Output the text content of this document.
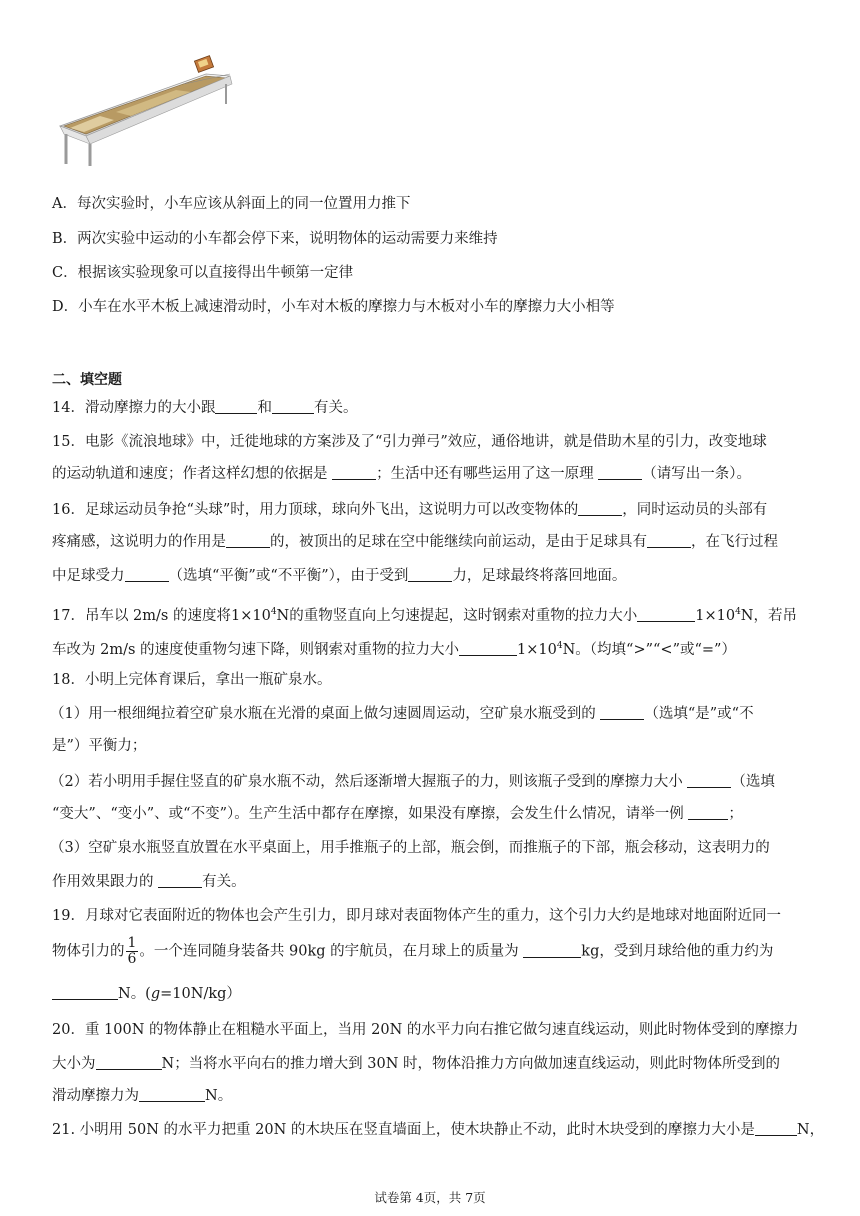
A．每次实验时，小车应该从斜面上的同一位置用力推下
B．两次实验中运动的小车都会停下来，说明物体的运动需要力来维持
C．根据该实验现象可以直接得出牛顿第一定律
D．小车在水平木板上减速滑动时，小车对木板的摩擦力与木板对小车的摩擦力大小相等
二、填空题
14．滑动摩擦力的大小跟	和	有关。
15．电影《流浪地球》中，迁徙地球的方案涉及了“引力弹弓”效应，通俗地讲，就是借助木星的引力，改变地球
的运动轨道和速度；作者这样幻想的依据是	；生活中还有哪些运用了这一原理	（请写出一条）。
16．足球运动员争抢“头球”时，用力顶球，球向外飞出，这说明力可以改变物体的	，同时运动员的头部有
疼痛感，这说明力的作用是	的，被顶出的足球在空中能继续向前运动，是由于足球具有	，在飞行过程
中足球受力	（选填“平衡”或“不平衡”），由于受到	力，足球最终将落回地面。
17．吊车以 2m/s 的速度将$1\times 10^4N$的重物竖直向上匀速提起，这时钢索对重物的拉力大小	$1\times 10^4N$，若吊
车改为 2m/s 的速度使重物匀速下降，则钢索对重物的拉力大小	$1\times 10^4N$。（均填“>”“<”或“=”）
18．小明上完体育课后，拿出一瓶矿泉水。
（1）用一根细绳拉着空矿泉水瓶在光滑的桌面上做匀速圆周运动，空矿泉水瓶受到的	（选填“是”或“不
是”）平衡力；
（2）若小明用手握住竖直的矿泉水瓶不动，然后逐渐增大握瓶子的力，则该瓶子受到的摩擦力大小	（选填
“变大”、“变小”、或“不变”）。生产生活中都存在摩擦，如果没有摩擦，会发生什么情况，请举一例	；
（3）空矿泉水瓶竖直放置在水平桌面上，用手推瓶子的上部，瓶会倒，而推瓶子的下部，瓶会移动，这表明力的
作用效果跟力的	有关。
19．月球对它表面附近的物体也会产生引力，即月球对表面物体产生的重力，这个引力大约是地球对地面附近同一
物体引力的 $\frac{1}{6}$ 。一个连同随身装备共 90kg 的宇航员，在月球上的质量为	kg，受到月球给他的重力约为
N。(g=10N/kg）
20．重 100N 的物体静止在粗糙水平面上，当用 20N 的水平力向右推它做匀速直线运动，则此时物体受到的摩擦力
大小为	N；当将水平向右的推力增大到 30N 时，物体沿推力方向做加速直线运动，则此时物体所受到的
滑动摩擦力为	N。
21. 小明用 50N 的水平力把重 20N 的木块压在竖直墙面上，使木块静止不动，此时木块受到的摩擦力大小是	N，
试卷第 4页，共 7页
